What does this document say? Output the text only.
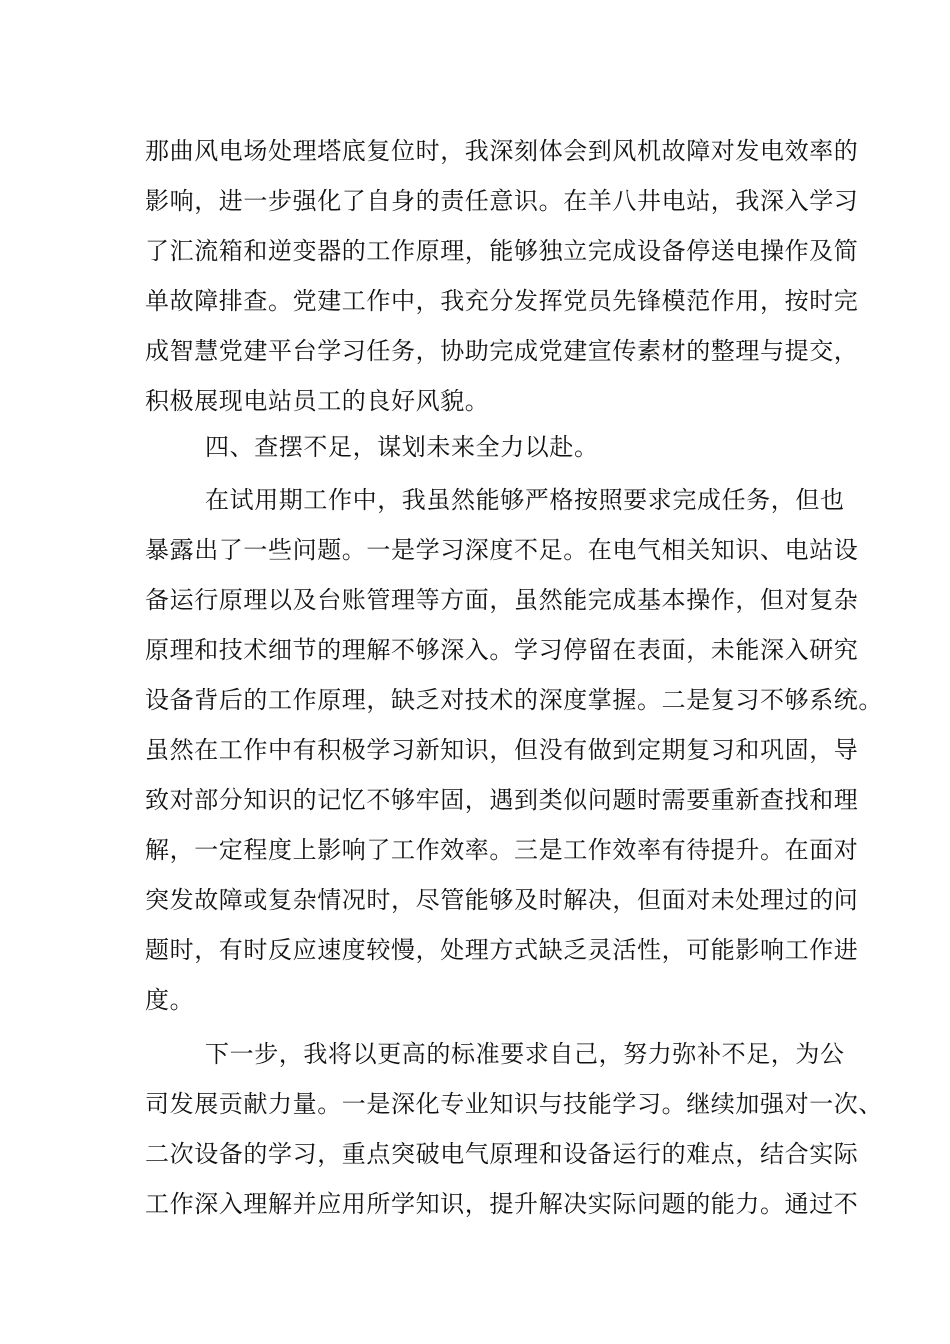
那曲风电场处理塔底复位时，我深刻体会到风机故障对发电效率的
影响，进一步强化了自身的责任意识。在羊八井电站，我深入学习
了汇流箱和逆变器的工作原理，能够独立完成设备停送电操作及简
单故障排查。党建工作中，我充分发挥党员先锋模范作用，按时完
成智慧党建平台学习任务，协助完成党建宣传素材的整理与提交，
积极展现电站员工的良好风貌。
四、查摆不足，谋划未来全力以赴。
在试用期工作中，我虽然能够严格按照要求完成任务，但也
暴露出了一些问题。一是学习深度不足。在电气相关知识、电站设
备运行原理以及台账管理等方面，虽然能完成基本操作，但对复杂
原理和技术细节的理解不够深入。学习停留在表面，未能深入研究
设备背后的工作原理，缺乏对技术的深度掌握。二是复习不够系统。
虽然在工作中有积极学习新知识，但没有做到定期复习和巩固，导
致对部分知识的记忆不够牢固，遇到类似问题时需要重新查找和理
解，一定程度上影响了工作效率。三是工作效率有待提升。在面对
突发故障或复杂情况时，尽管能够及时解决，但面对未处理过的问
题时，有时反应速度较慢，处理方式缺乏灵活性，可能影响工作进
度。
下一步，我将以更高的标准要求自己，努力弥补不足，为公
司发展贡献力量。一是深化专业知识与技能学习。继续加强对一次、
二次设备的学习，重点突破电气原理和设备运行的难点，结合实际
工作深入理解并应用所学知识，提升解决实际问题的能力。通过不
